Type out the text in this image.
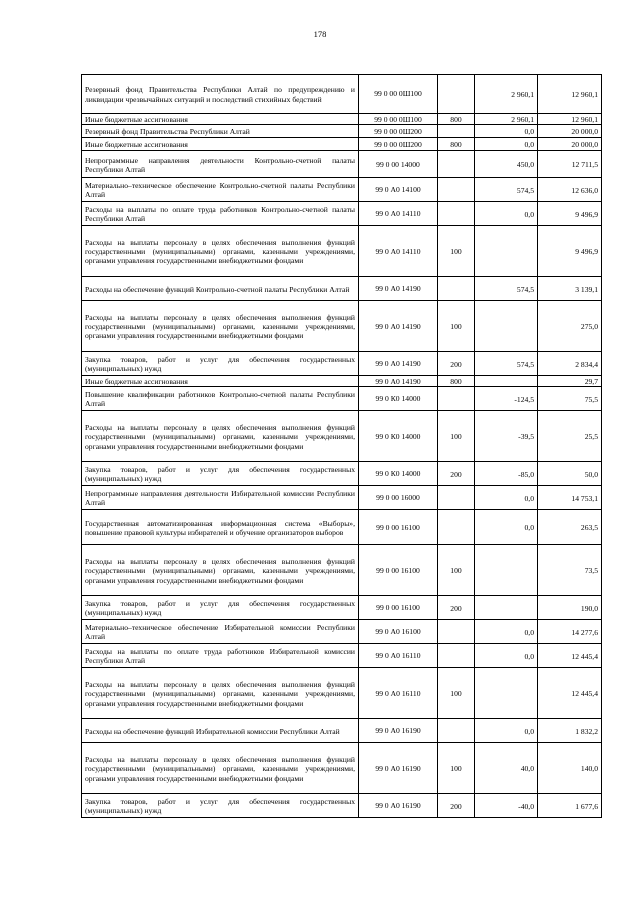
178
Резервный фонд Правительства Республики Алтай по предупреждению и ликвидации чрезвычайных ситуаций и последствий стихийных бедствий	99 0 00 0Ш100		2 960,1	12 960,1
Иные бюджетные ассигнования	99 0 00 0Ш100	800	2 960,1	12 960,1
Резервный фонд Правительства Республики Алтай	99 0 00 0Ш200		0,0	20 000,0
Иные бюджетные ассигнования	99 0 00 0Ш200	800	0,0	20 000,0
Непрограммные направления деятельности Контрольно-счетной палаты Республики Алтай	99 0 00 14000		450,0	12 711,5
Материально–техническое обеспечение Контрольно-счетной палаты Республики Алтай	99 0 А0 14100		574,5	12 636,0
Расходы на выплаты по оплате труда работников Контрольно-счетной палаты Республики Алтай	99 0 А0 14110		0,0	9 496,9
Расходы на выплаты персоналу в целях обеспечения выполнения функций государственными (муниципальными) органами, казенными учреждениями, органами управления государственными внебюджетными фондами	99 0 А0 14110	100		9 496,9
Расходы на обеспечение функций Контрольно-счетной палаты Республики Алтай	99 0 А0 14190		574,5	3 139,1
Расходы на выплаты персоналу в целях обеспечения выполнения функций государственными (муниципальными) органами, казенными учреждениями, органами управления государственными внебюджетными фондами	99 0 А0 14190	100		275,0
Закупка товаров, работ и услуг для обеспечения государственных (муниципальных) нужд	99 0 А0 14190	200	574,5	2 834,4
Иные бюджетные ассигнования	99 0 А0 14190	800		29,7
Повышение квалификации работников Контрольно-счетной палаты Республики Алтай	99 0 К0 14000		-124,5	75,5
Расходы на выплаты персоналу в целях обеспечения выполнения функций государственными (муниципальными) органами, казенными учреждениями, органами управления государственными внебюджетными фондами	99 0 К0 14000	100	-39,5	25,5
Закупка товаров, работ и услуг для обеспечения государственных (муниципальных) нужд	99 0 К0 14000	200	-85,0	50,0
Непрограммные направления деятельности Избирательной комиссии Республики Алтай	99 0 00 16000		0,0	14 753,1
Государственная автоматизированная информационная система «Выборы», повышение правовой культуры избирателей и обучение организаторов выборов	99 0 00 16100		0,0	263,5
Расходы на выплаты персоналу в целях обеспечения выполнения функций государственными (муниципальными) органами, казенными учреждениями, органами управления государственными внебюджетными фондами	99 0 00 16100	100		73,5
Закупка товаров, работ и услуг для обеспечения государственных (муниципальных) нужд	99 0 00 16100	200		190,0
Материально–техническое обеспечение Избирательной комиссии Республики Алтай	99 0 А0 16100		0,0	14 277,6
Расходы на выплаты по оплате труда работников Избирательной комиссии Республики Алтай	99 0 А0 16110		0,0	12 445,4
Расходы на выплаты персоналу в целях обеспечения выполнения функций государственными (муниципальными) органами, казенными учреждениями, органами управления государственными внебюджетными фондами	99 0 А0 16110	100		12 445,4
Расходы на обеспечение функций Избирательной комиссии Республики Алтай	99 0 А0 16190		0,0	1 832,2
Расходы на выплаты персоналу в целях обеспечения выполнения функций государственными (муниципальными) органами, казенными учреждениями, органами управления государственными внебюджетными фондами	99 0 А0 16190	100	40,0	140,0
Закупка товаров, работ и услуг для обеспечения государственных (муниципальных) нужд	99 0 А0 16190	200	-40,0	1 677,6
